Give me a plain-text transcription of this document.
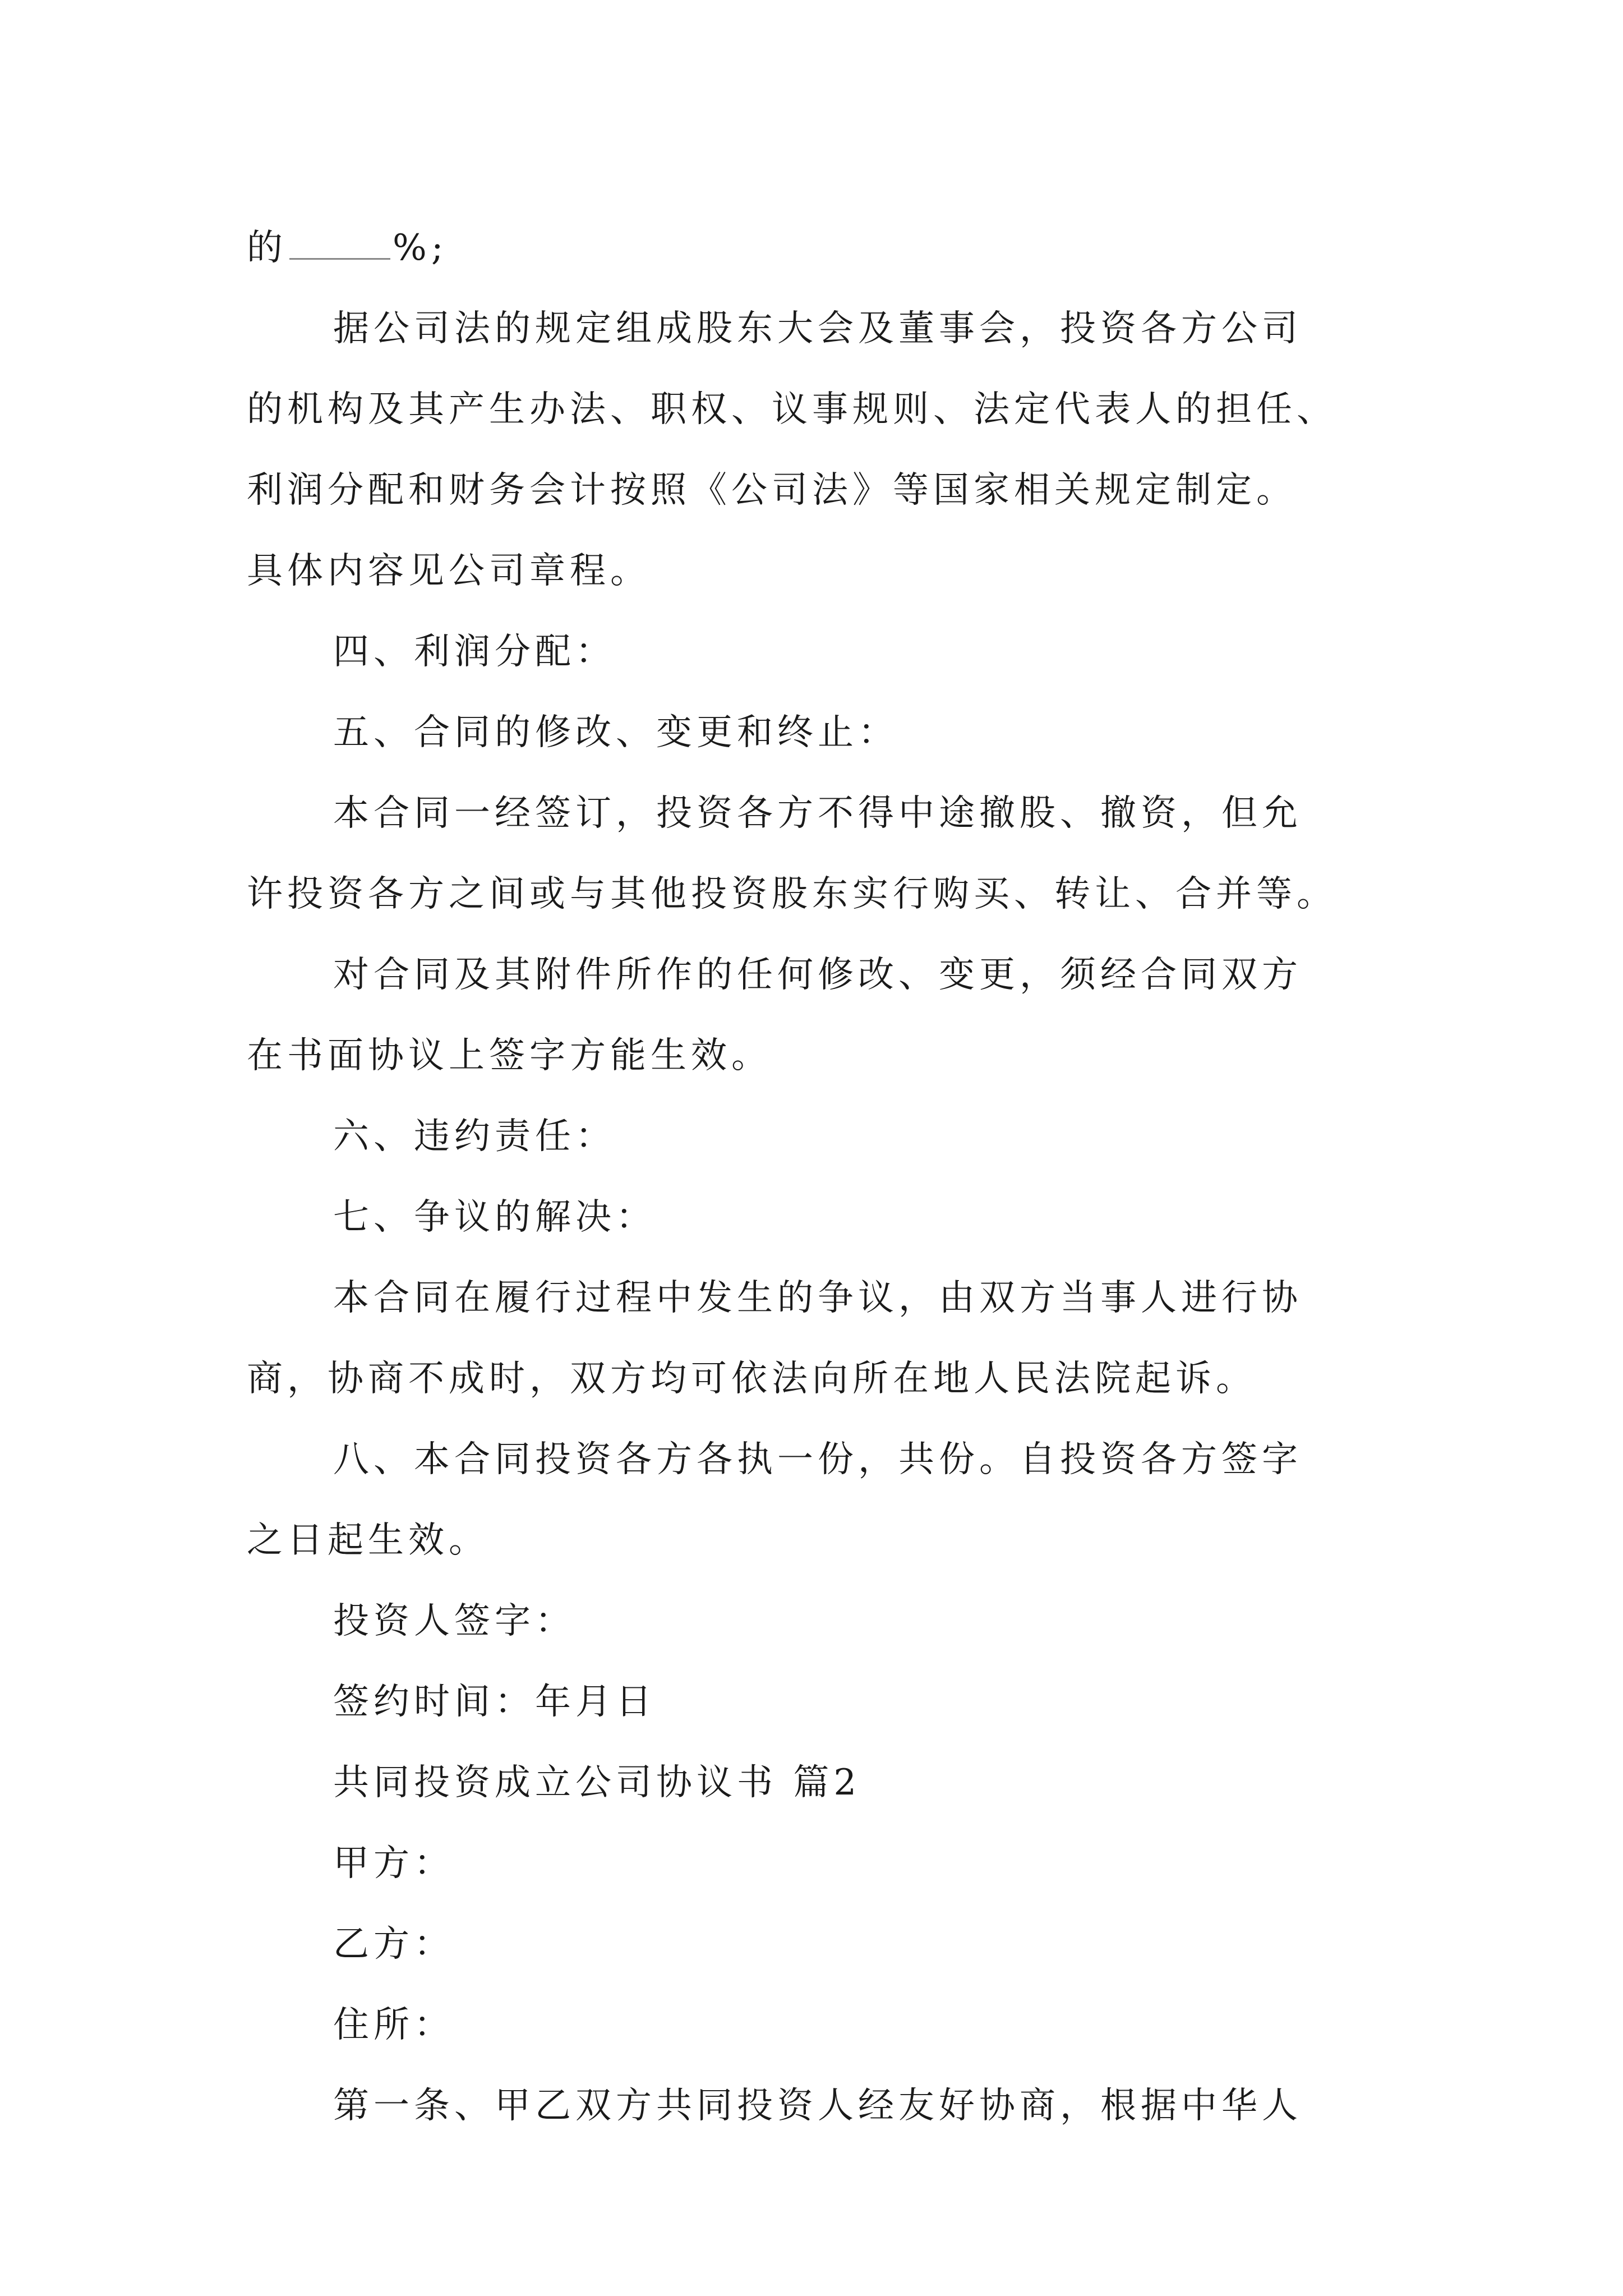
的	%;
据公司法的规定组成股东大会及董事会，投资各方公司
的机构及其产生办法、职权、议事规则、法定代表人的担任、
利润分配和财务会计按照《公司法》等国家相关规定制定。
具体内容见公司章程。
四、利润分配：
五、合同的修改、变更和终止：
本合同一经签订，投资各方不得中途撤股、撤资，但允
许投资各方之间或与其他投资股东实行购买、转让、合并等。
对合同及其附件所作的任何修改、变更，须经合同双方
在书面协议上签字方能生效。
六、违约责任：
七、争议的解决：
本合同在履行过程中发生的争议，由双方当事人进行协
商，协商不成时，双方均可依法向所在地人民法院起诉。
八、本合同投资各方各执一份，共份。自投资各方签字
之日起生效。
投资人签字：
签约时间：年月日
共同投资成立公司协议书 篇2
甲方：
乙方：
住所：
第一条、甲乙双方共同投资人经友好协商，根据中华人
